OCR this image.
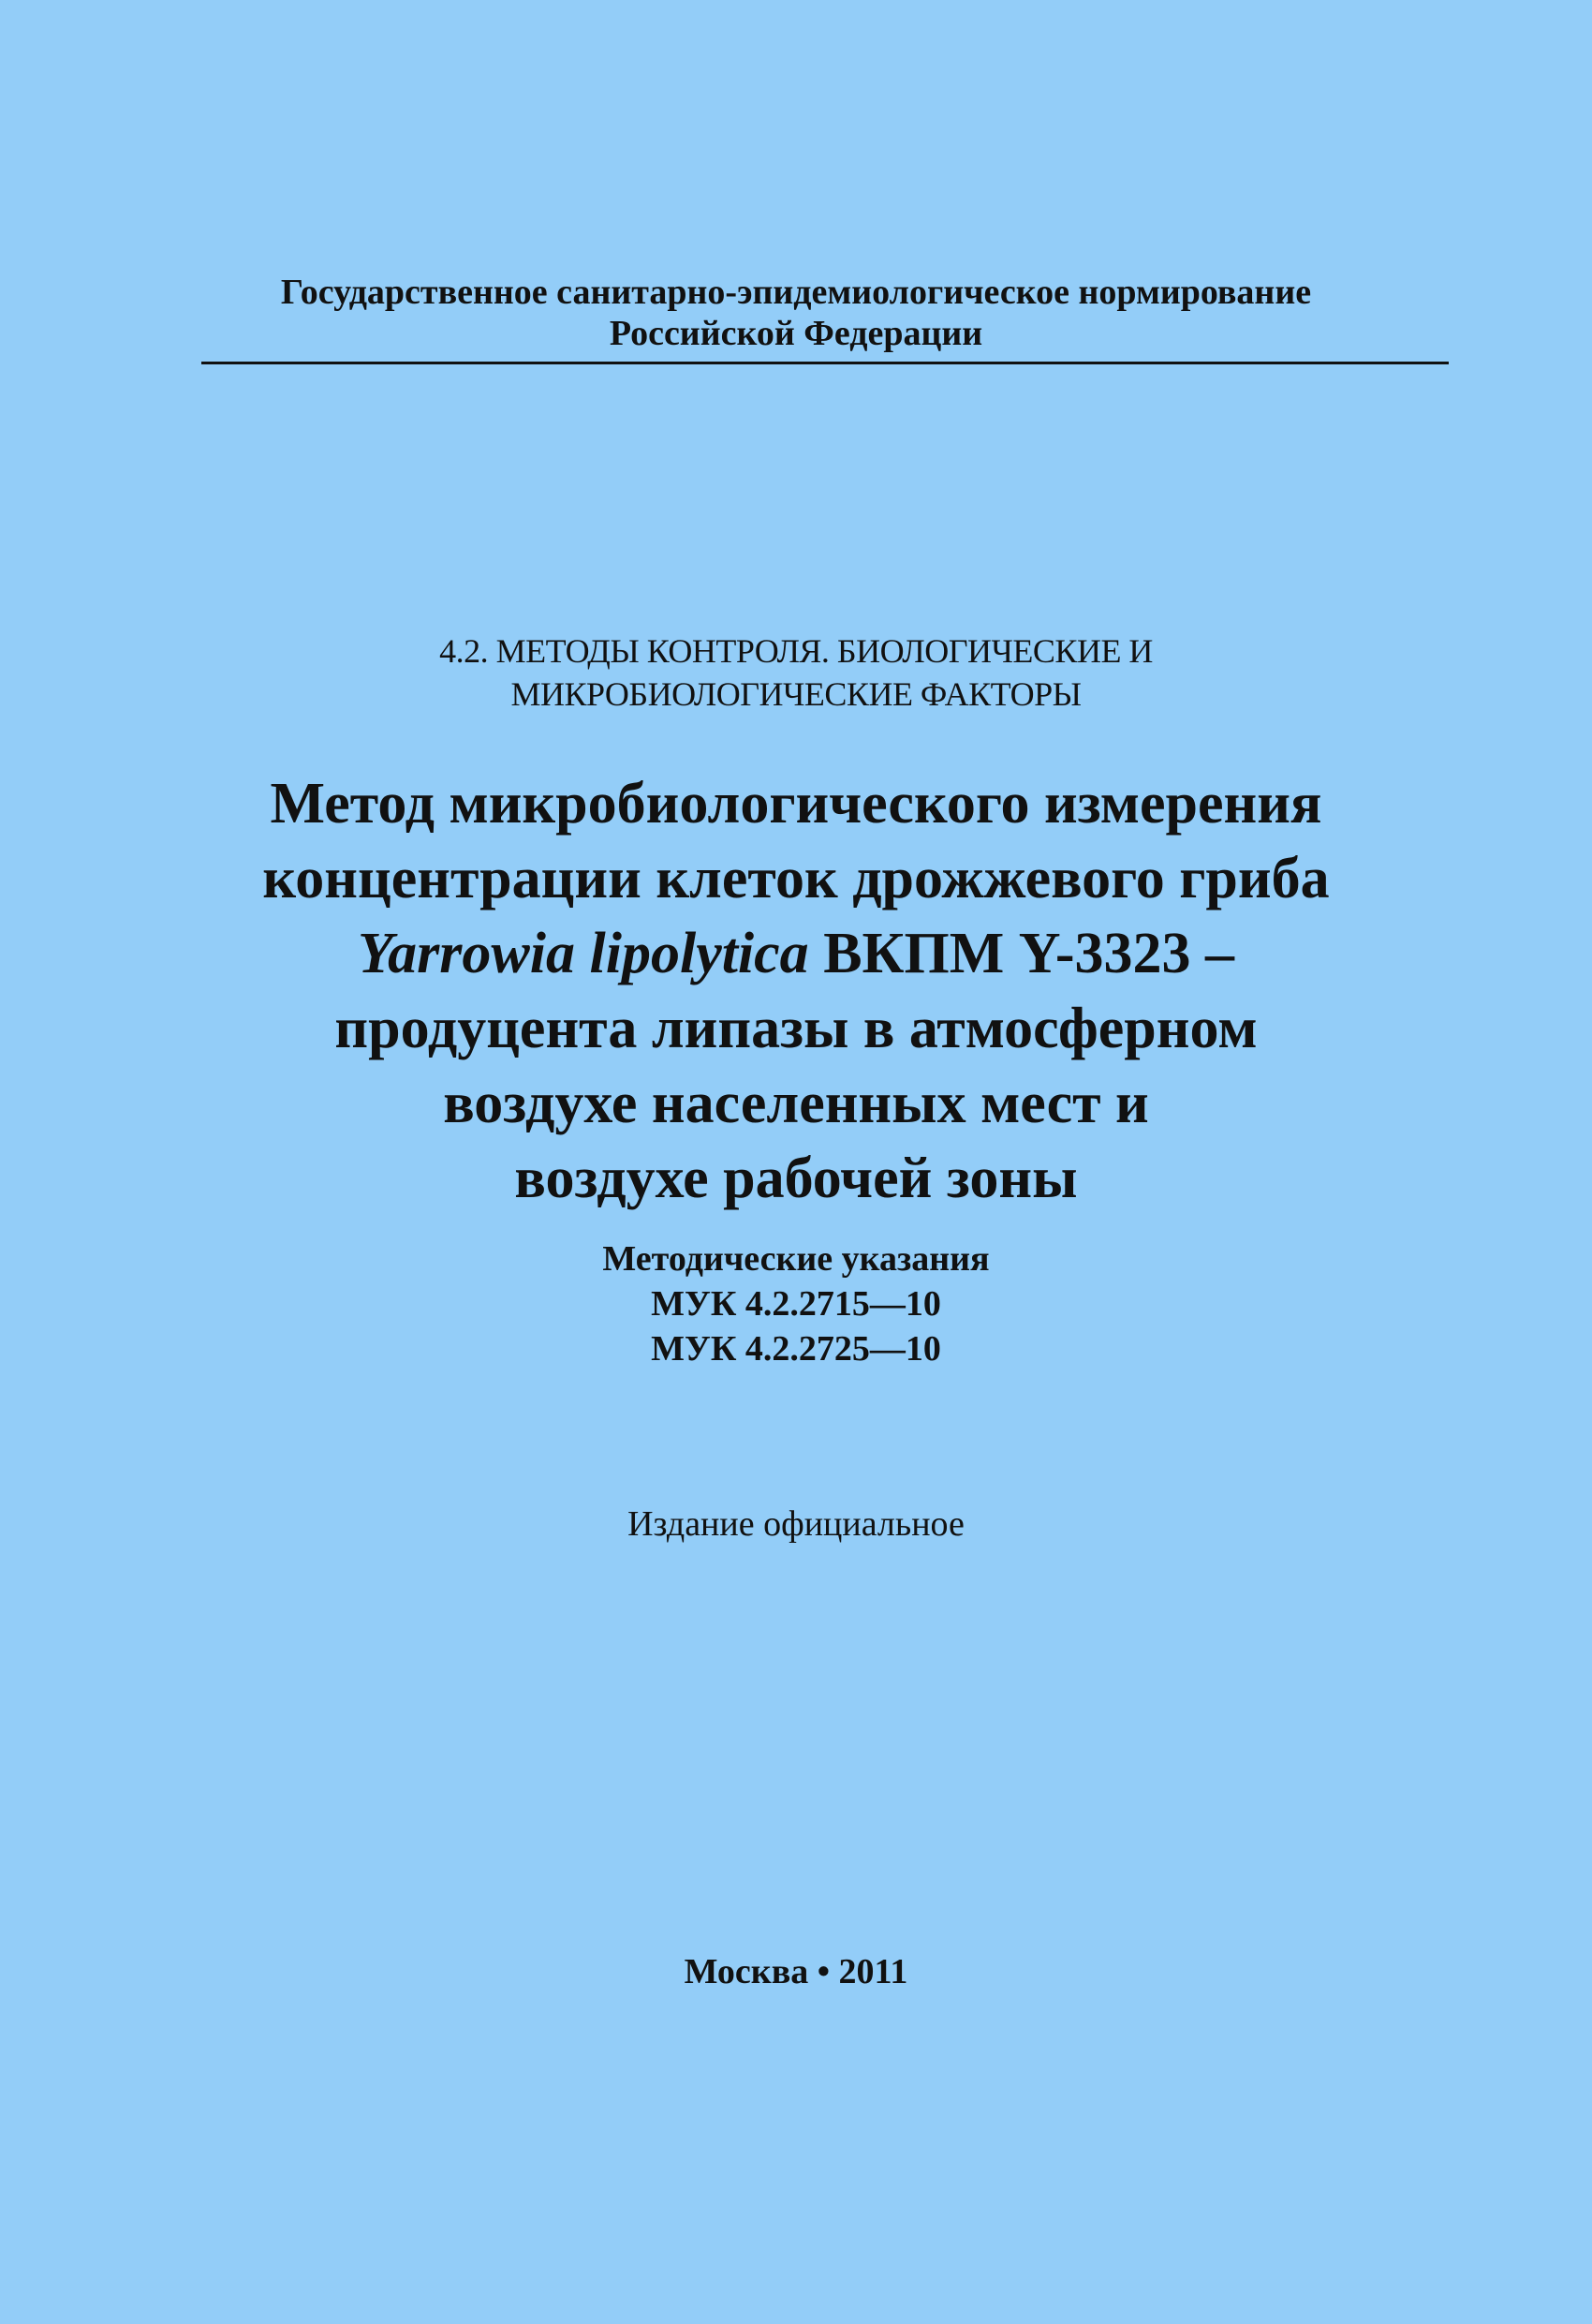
Государственное санитарно-эпидемиологическое нормирование
Российской Федерации
4.2. МЕТОДЫ КОНТРОЛЯ. БИОЛОГИЧЕСКИЕ И
МИКРОБИОЛОГИЧЕСКИЕ ФАКТОРЫ
Метод микробиологического измерения
концентрации клеток дрожжевого гриба
Yarrowia lipolytica ВКПМ Y-3323 –
продуцента липазы в атмосферном
воздухе населенных мест и
воздухе рабочей зоны
Методические указания
МУК 4.2.2715—10
МУК 4.2.2725—10
Издание официальное
Москва • 2011
